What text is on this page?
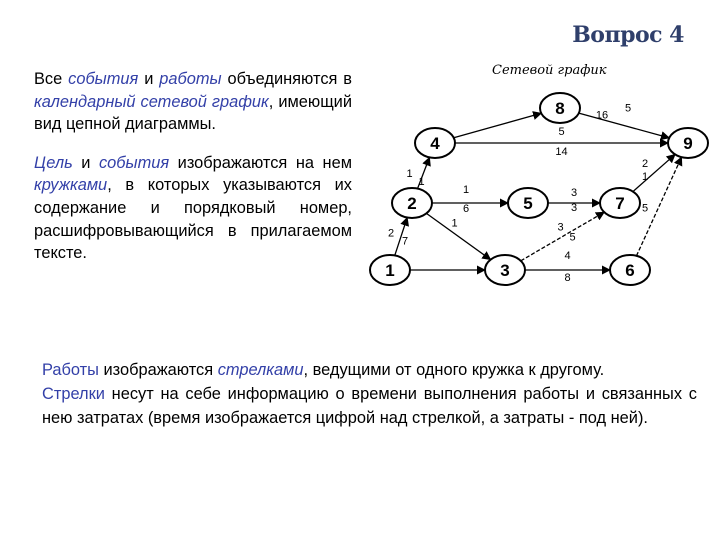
Вопрос 4

Все события и работы объединяются в календарный сетевой график, имеющий вид цепной диаграммы.

Цель и события изображаются на нем кружками, в которых указываются их содержание и порядковый номер, расшифровывающийся в прилагаемом тексте.

Сетевой график
1
2
3
4
5
6
7
8
9
2
7
1
1
1
1
6
4
8
3
5
5
14
3
3	5
2
1
5
16

Работы изображаются стрелками, ведущими от одного кружка к другому.

Стрелки несут на себе информацию о времени выполнения работы и связанных с нею затратах (время изображается цифрой над стрелкой, а затраты - под ней).
